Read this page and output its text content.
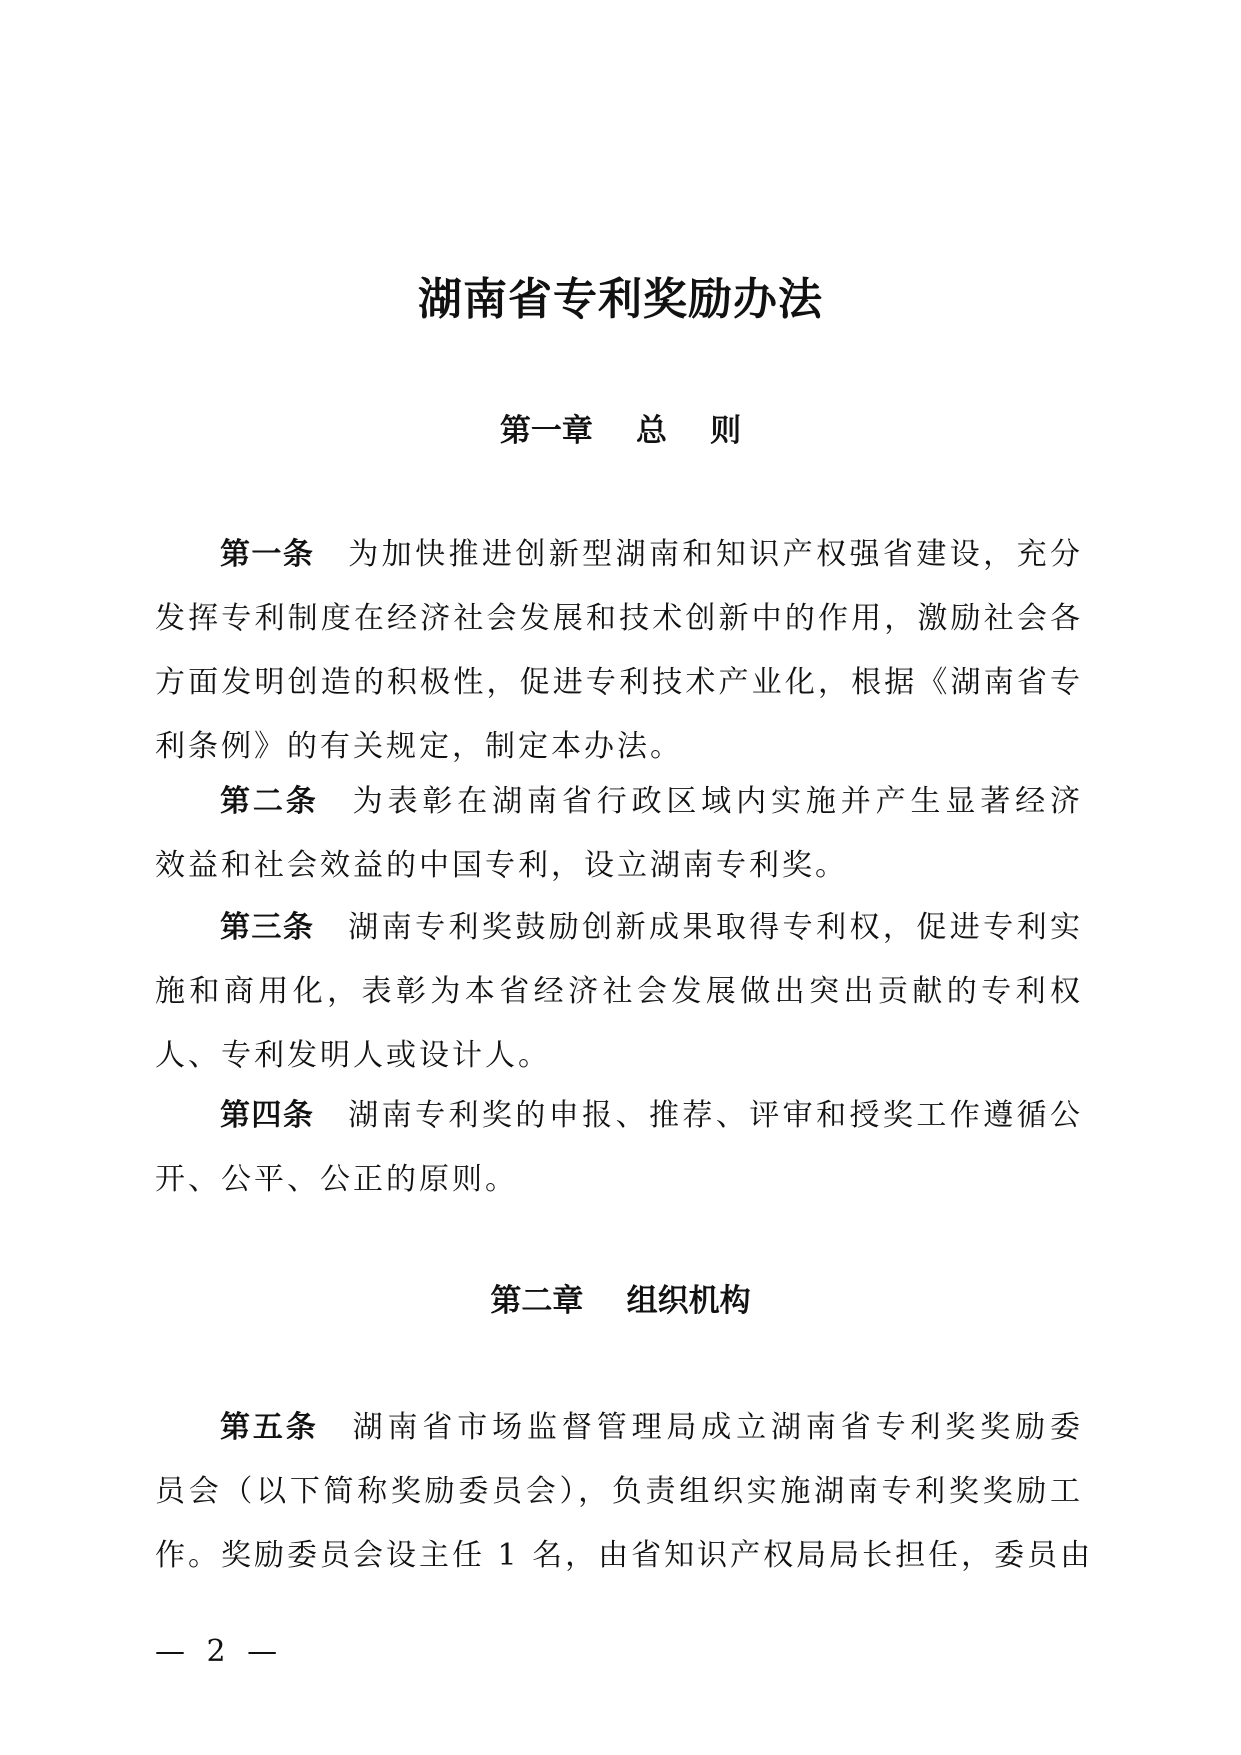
湖南省专利奖励办法
第一章    总    则
第一条 为加快推进创新型湖南和知识产权强省建设，充分
发挥专利制度在经济社会发展和技术创新中的作用，激励社会各
方面发明创造的积极性，促进专利技术产业化，根据《湖南省专
利条例》的有关规定，制定本办法。
第二条 为表彰在湖南省行政区域内实施并产生显著经济
效益和社会效益的中国专利，设立湖南专利奖。
第三条 湖南专利奖鼓励创新成果取得专利权，促进专利实
施和商用化，表彰为本省经济社会发展做出突出贡献的专利权
人、专利发明人或设计人。
第四条 湖南专利奖的申报、推荐、评审和授奖工作遵循公
开、公平、公正的原则。
第二章    组织机构
第五条 湖南省市场监督管理局成立湖南省专利奖奖励委
员会（以下简称奖励委员会），负责组织实施湖南专利奖奖励工
作。奖励委员会设主任 1 名，由省知识产权局局长担任，委员由
— 2 —
